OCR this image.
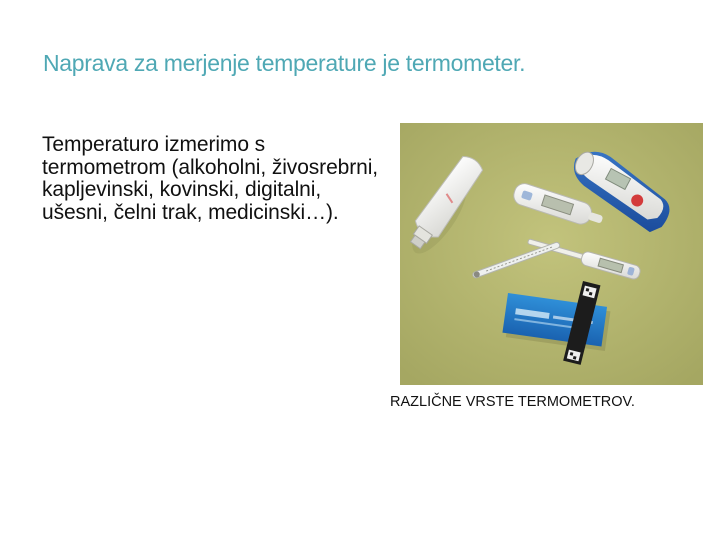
Naprava za merjenje temperature je termometer.
Temperaturo izmerimo s termometrom (alkoholni, živosrebrni, kapljevinski, kovinski, digitalni, ušesni, čelni trak, medicinski…).
RAZLIČNE VRSTE TERMOMETROV.
